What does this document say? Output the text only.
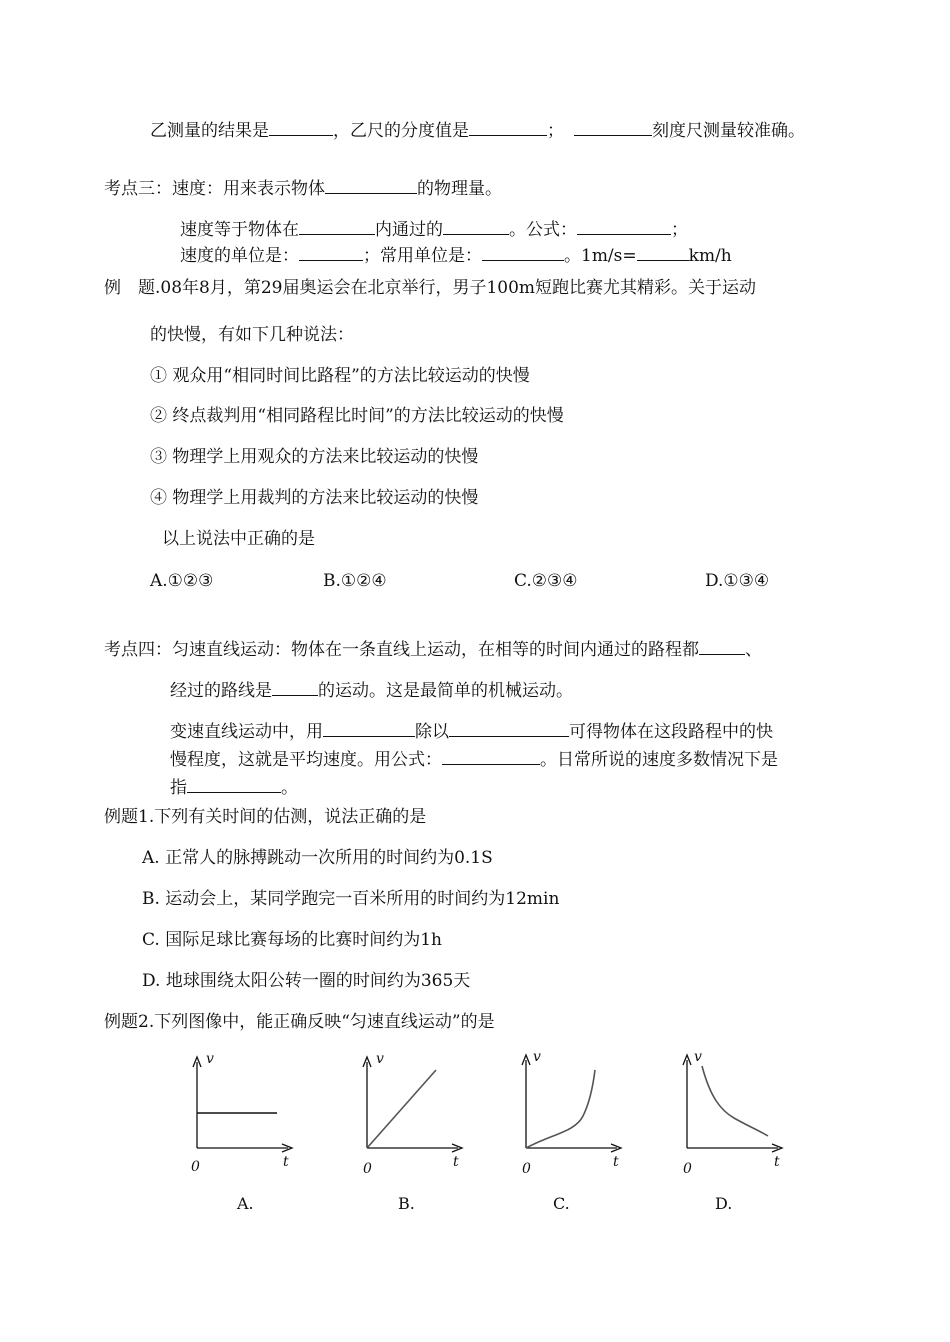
乙测量的结果是	，乙尺的分度值是	；	刻度尺测量较准确。
考点三：速度：用来表示物体	的物理量。
速度等于物体在	内通过的	。公式：	；
速度的单位是：	；常用单位是：	。1m/s=	km/h
例　题.08年8月，第29届奥运会在北京举行，男子100m短跑比赛尤其精彩。关于运动
的快慢，有如下几种说法：
① 观众用“相同时间比路程”的方法比较运动的快慢
② 终点裁判用“相同路程比时间”的方法比较运动的快慢
③ 物理学上用观众的方法来比较运动的快慢
④ 物理学上用裁判的方法来比较运动的快慢
以上说法中正确的是
A.①②③	B.①②④	C.②③④	D.①③④
考点四：匀速直线运动：物体在一条直线上运动，在相等的时间内通过的路程都	、
经过的路线是	的运动。这是最简单的机械运动。
变速直线运动中，用	除以	可得物体在这段路程中的快
慢程度，这就是平均速度。用公式：	。日常所说的速度多数情况下是
指	。
例题1.下列有关时间的估测，说法正确的是
A. 正常人的脉搏跳动一次所用的时间约为0.1S
B. 运动会上，某同学跑完一百米所用的时间约为12min
C. 国际足球比赛每场的比赛时间约为1h
D. 地球围绕太阳公转一圈的时间约为365天
例题2.下列图像中，能正确反映“匀速直线运动”的是
v
t
0
v
t
0
v
t
0
v
t
0
A.	B.	C.	D.
